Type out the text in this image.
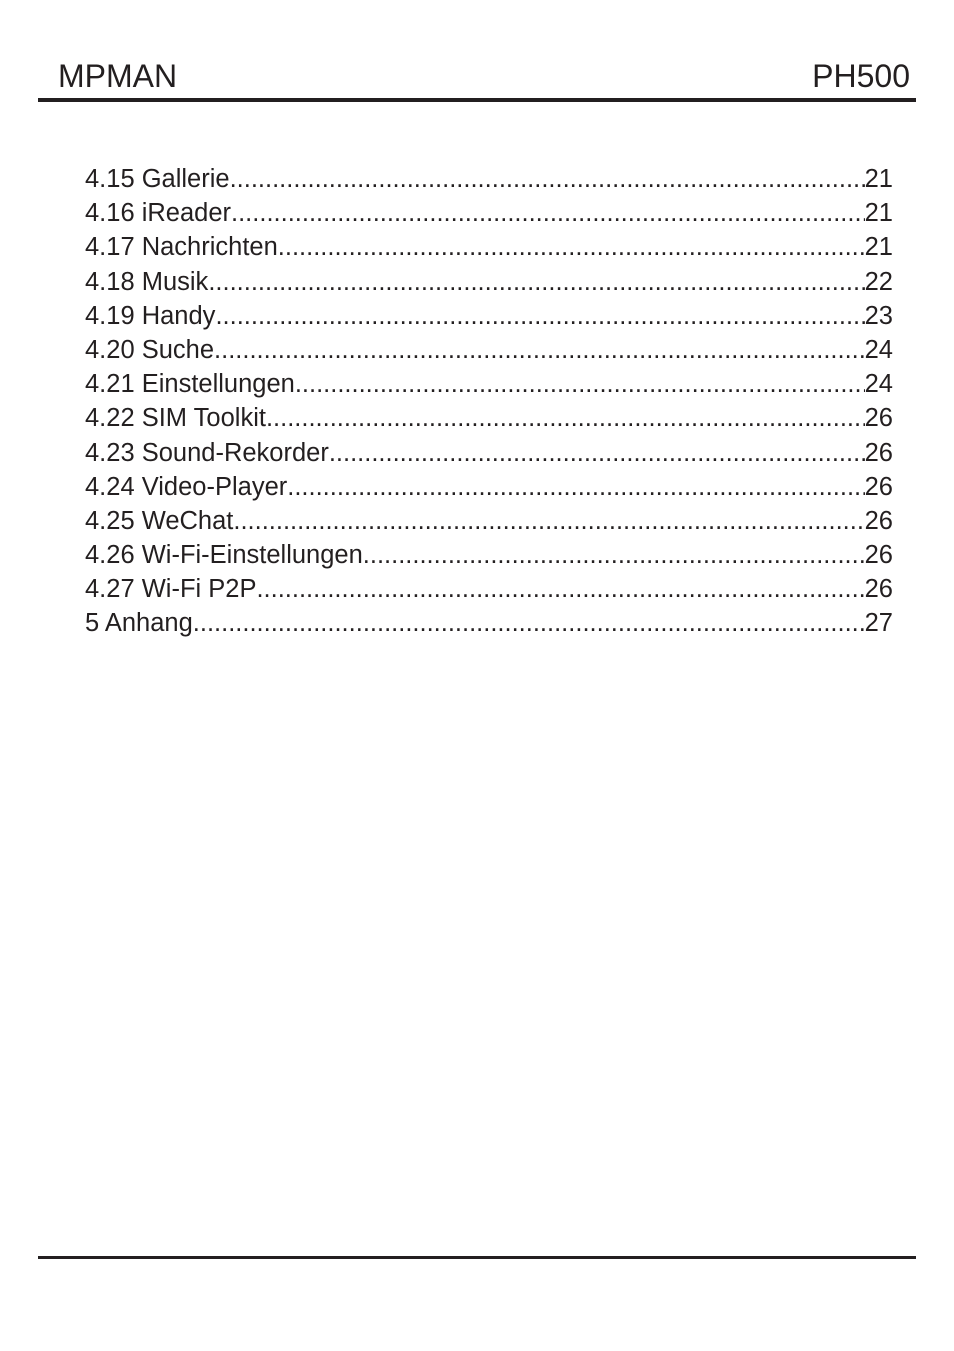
MPMAN	PH500
4.15 Gallerie .....	21
4.16 iReader .....	21
4.17 Nachrichten .....	21
4.18 Musik .....	22
4.19 Handy .....	23
4.20 Suche .....	24
4.21 Einstellungen .....	24
4.22 SIM Toolkit .....	26
4.23 Sound-Rekorder .....	26
4.24 Video-Player .....	26
4.25 WeChat .....	26
4.26 Wi-Fi-Einstellungen .....	26
4.27 Wi-Fi P2P .....	26
5 Anhang .....	27
